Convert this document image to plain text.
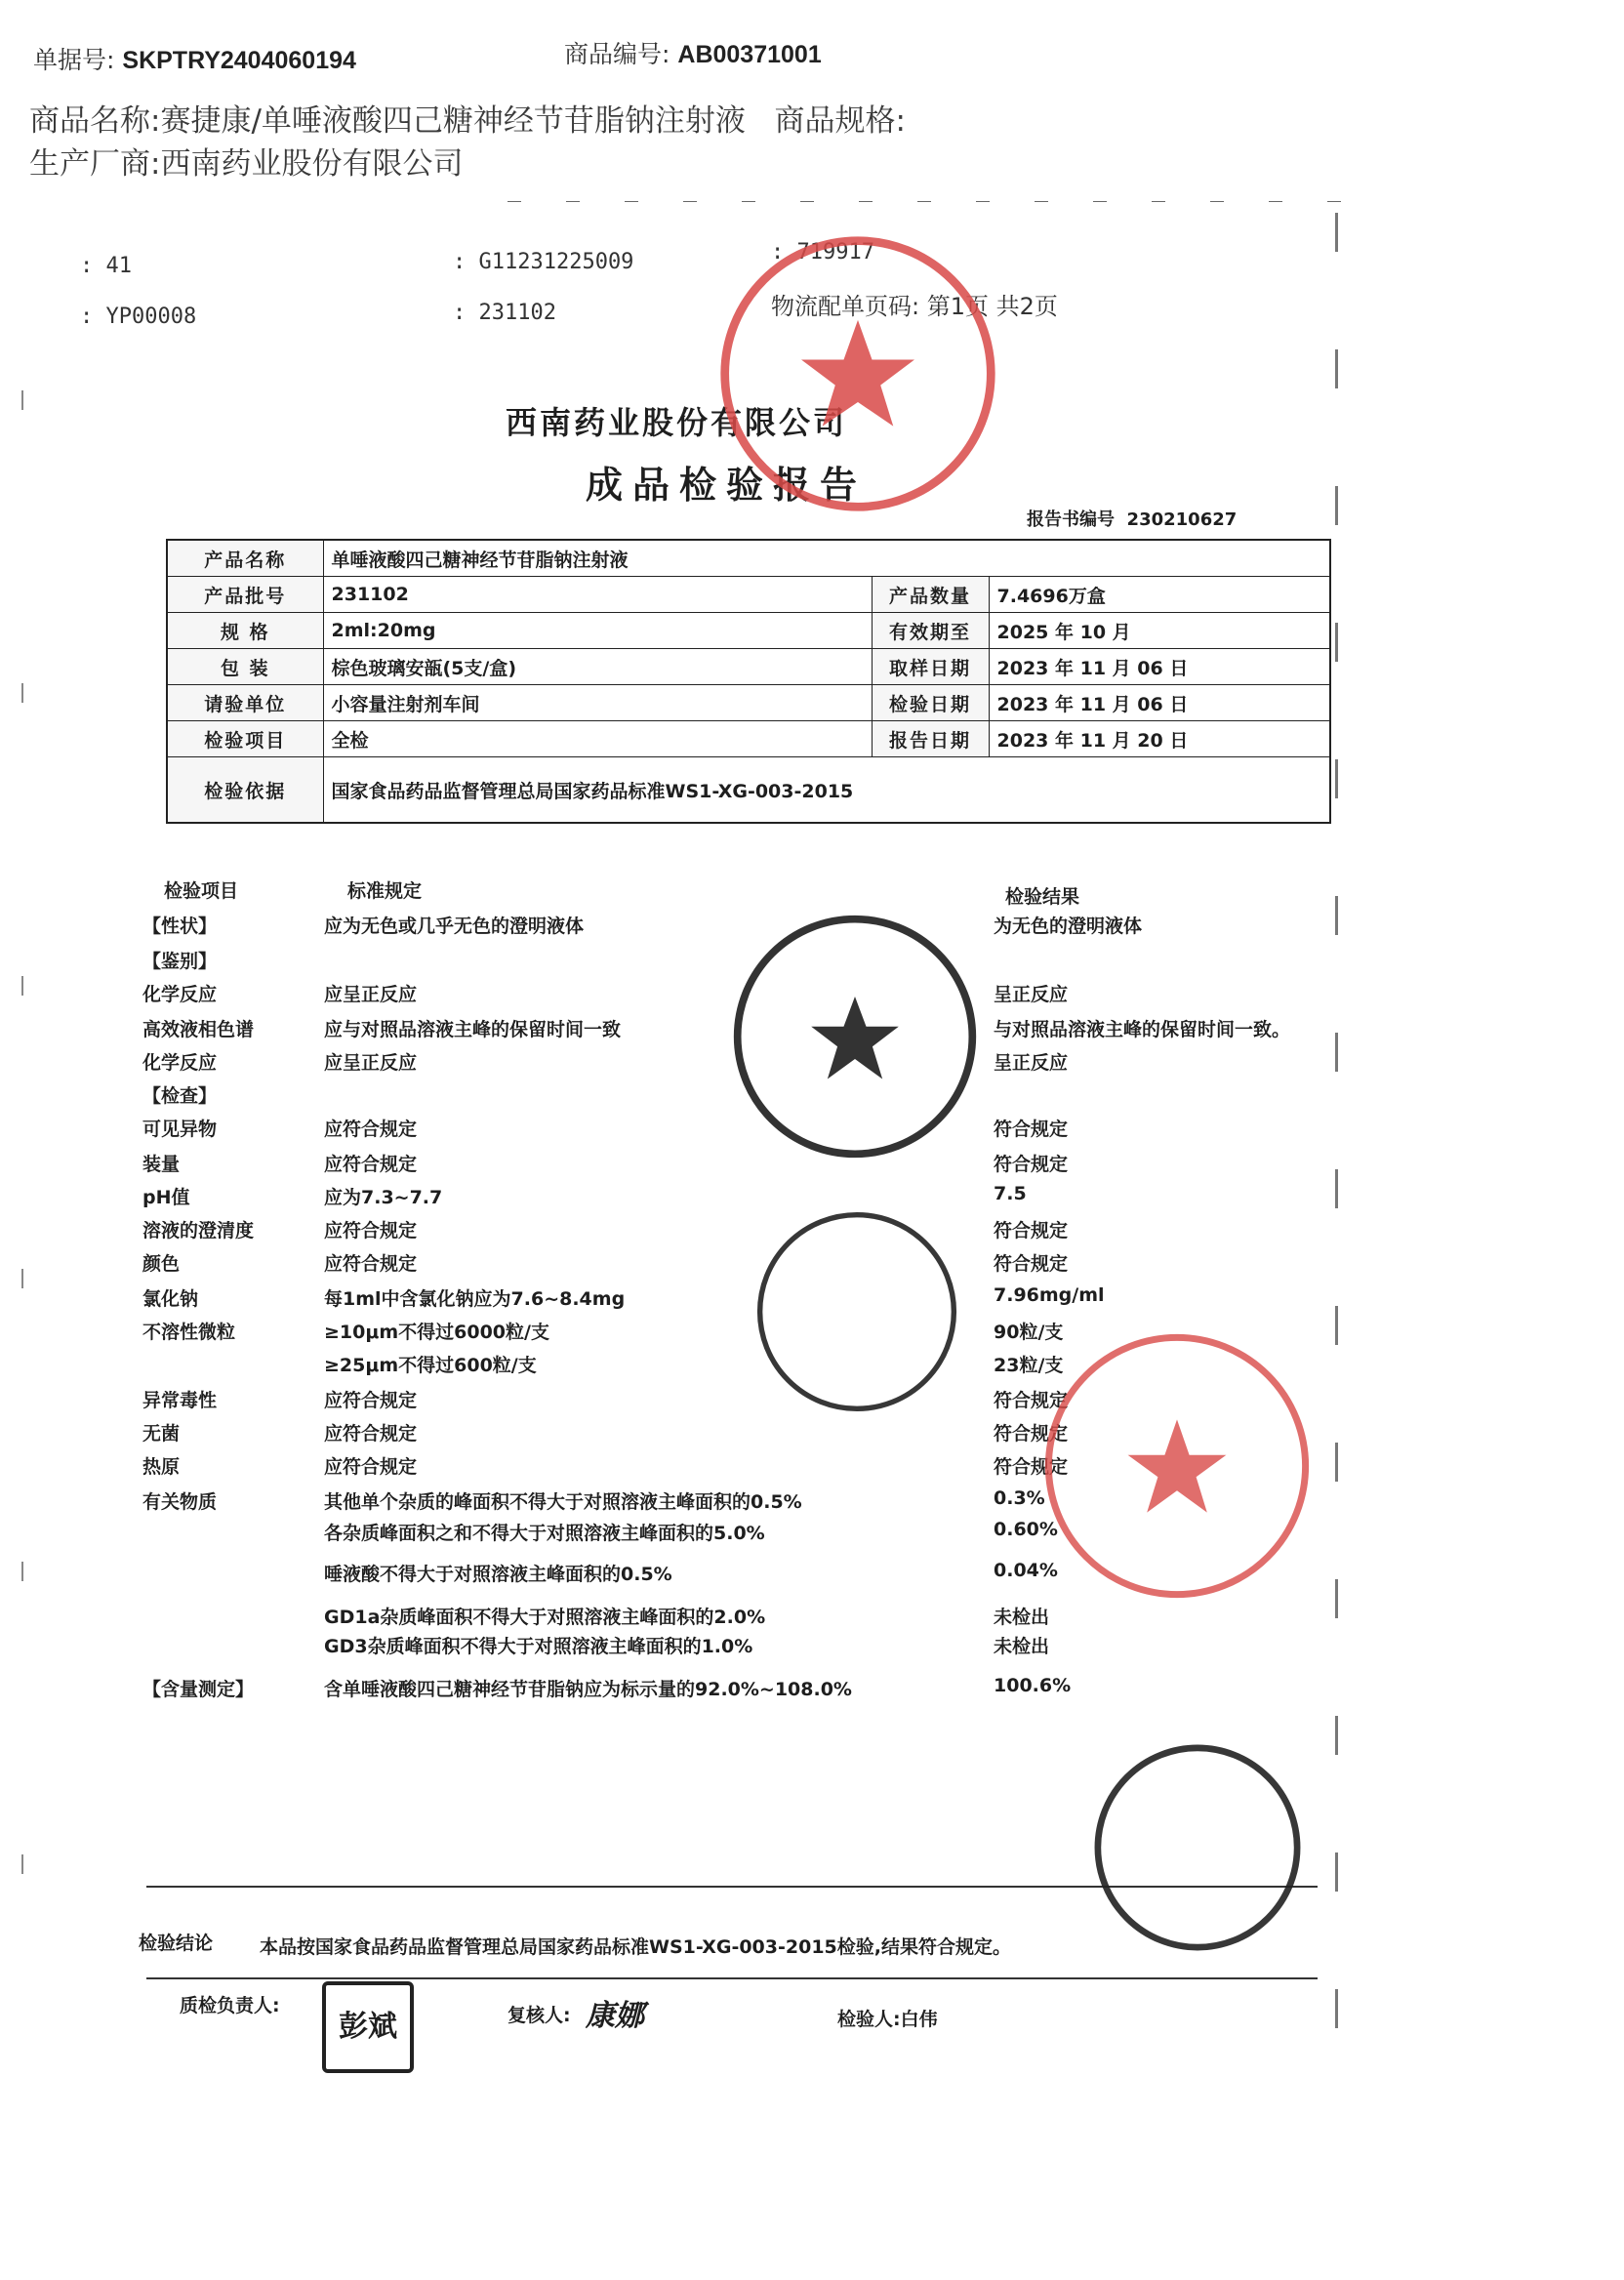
单据号: SKPTRY2404060194	商品编号: AB00371001
商品名称:赛捷康/单唾液酸四己糖神经节苷脂钠注射液 商品规格:
生产厂商:西南药业股份有限公司
: 41
: YP00008
: G11231225009
: 231102
: 719917
物流配单页码: 第1页 共2页
西南药业股份有限公司
成品检验报告
报告书编号 230210627
产品名称	单唾液酸四己糖神经节苷脂钠注射液		
产品批号	231102	产品数量	7.4696万盒
规 格	2ml:20mg	有效期至	2025 年 10 月
包 装	棕色玻璃安瓿(5支/盒)	取样日期	2023 年 11 月 06 日
请验单位	小容量注射剂车间	检验日期	2023 年 11 月 06 日
检验项目	全检	报告日期	2023 年 11 月 20 日
检验依据	国家食品药品监督管理总局国家药品标准WS1-XG-003-2015		
检验项目	标准规定	检验结果
【性状】	应为无色或几乎无色的澄明液体	为无色的澄明液体
【鉴别】
化学反应	应呈正反应	呈正反应
高效液相色谱	应与对照品溶液主峰的保留时间一致	与对照品溶液主峰的保留时间一致。
化学反应	应呈正反应	呈正反应
【检查】
可见异物	应符合规定	符合规定
装量	应符合规定	符合规定
pH值	应为7.3~7.7	7.5
溶液的澄清度	应符合规定	符合规定
颜色	应符合规定	符合规定
氯化钠	每1ml中含氯化钠应为7.6~8.4mg	7.96mg/ml
不溶性微粒	≥10μm不得过6000粒/支	90粒/支
≥25μm不得过600粒/支	23粒/支
异常毒性	应符合规定	符合规定
无菌	应符合规定	符合规定
热原	应符合规定	符合规定
有关物质	其他单个杂质的峰面积不得大于对照溶液主峰面积的0.5%	0.3%
各杂质峰面积之和不得大于对照溶液主峰面积的5.0%	0.60%
唾液酸不得大于对照溶液主峰面积的0.5%	0.04%
GD1a杂质峰面积不得大于对照溶液主峰面积的2.0%	未检出
GD3杂质峰面积不得大于对照溶液主峰面积的1.0%	未检出
【含量测定】	含单唾液酸四己糖神经节苷脂钠应为标示量的92.0%~108.0%	100.6%
检验结论	本品按国家食品药品监督管理总局国家药品标准WS1-XG-003-2015检验,结果符合规定。
质检负责人:
彭斌	复核人: 康娜	检验人:白伟
